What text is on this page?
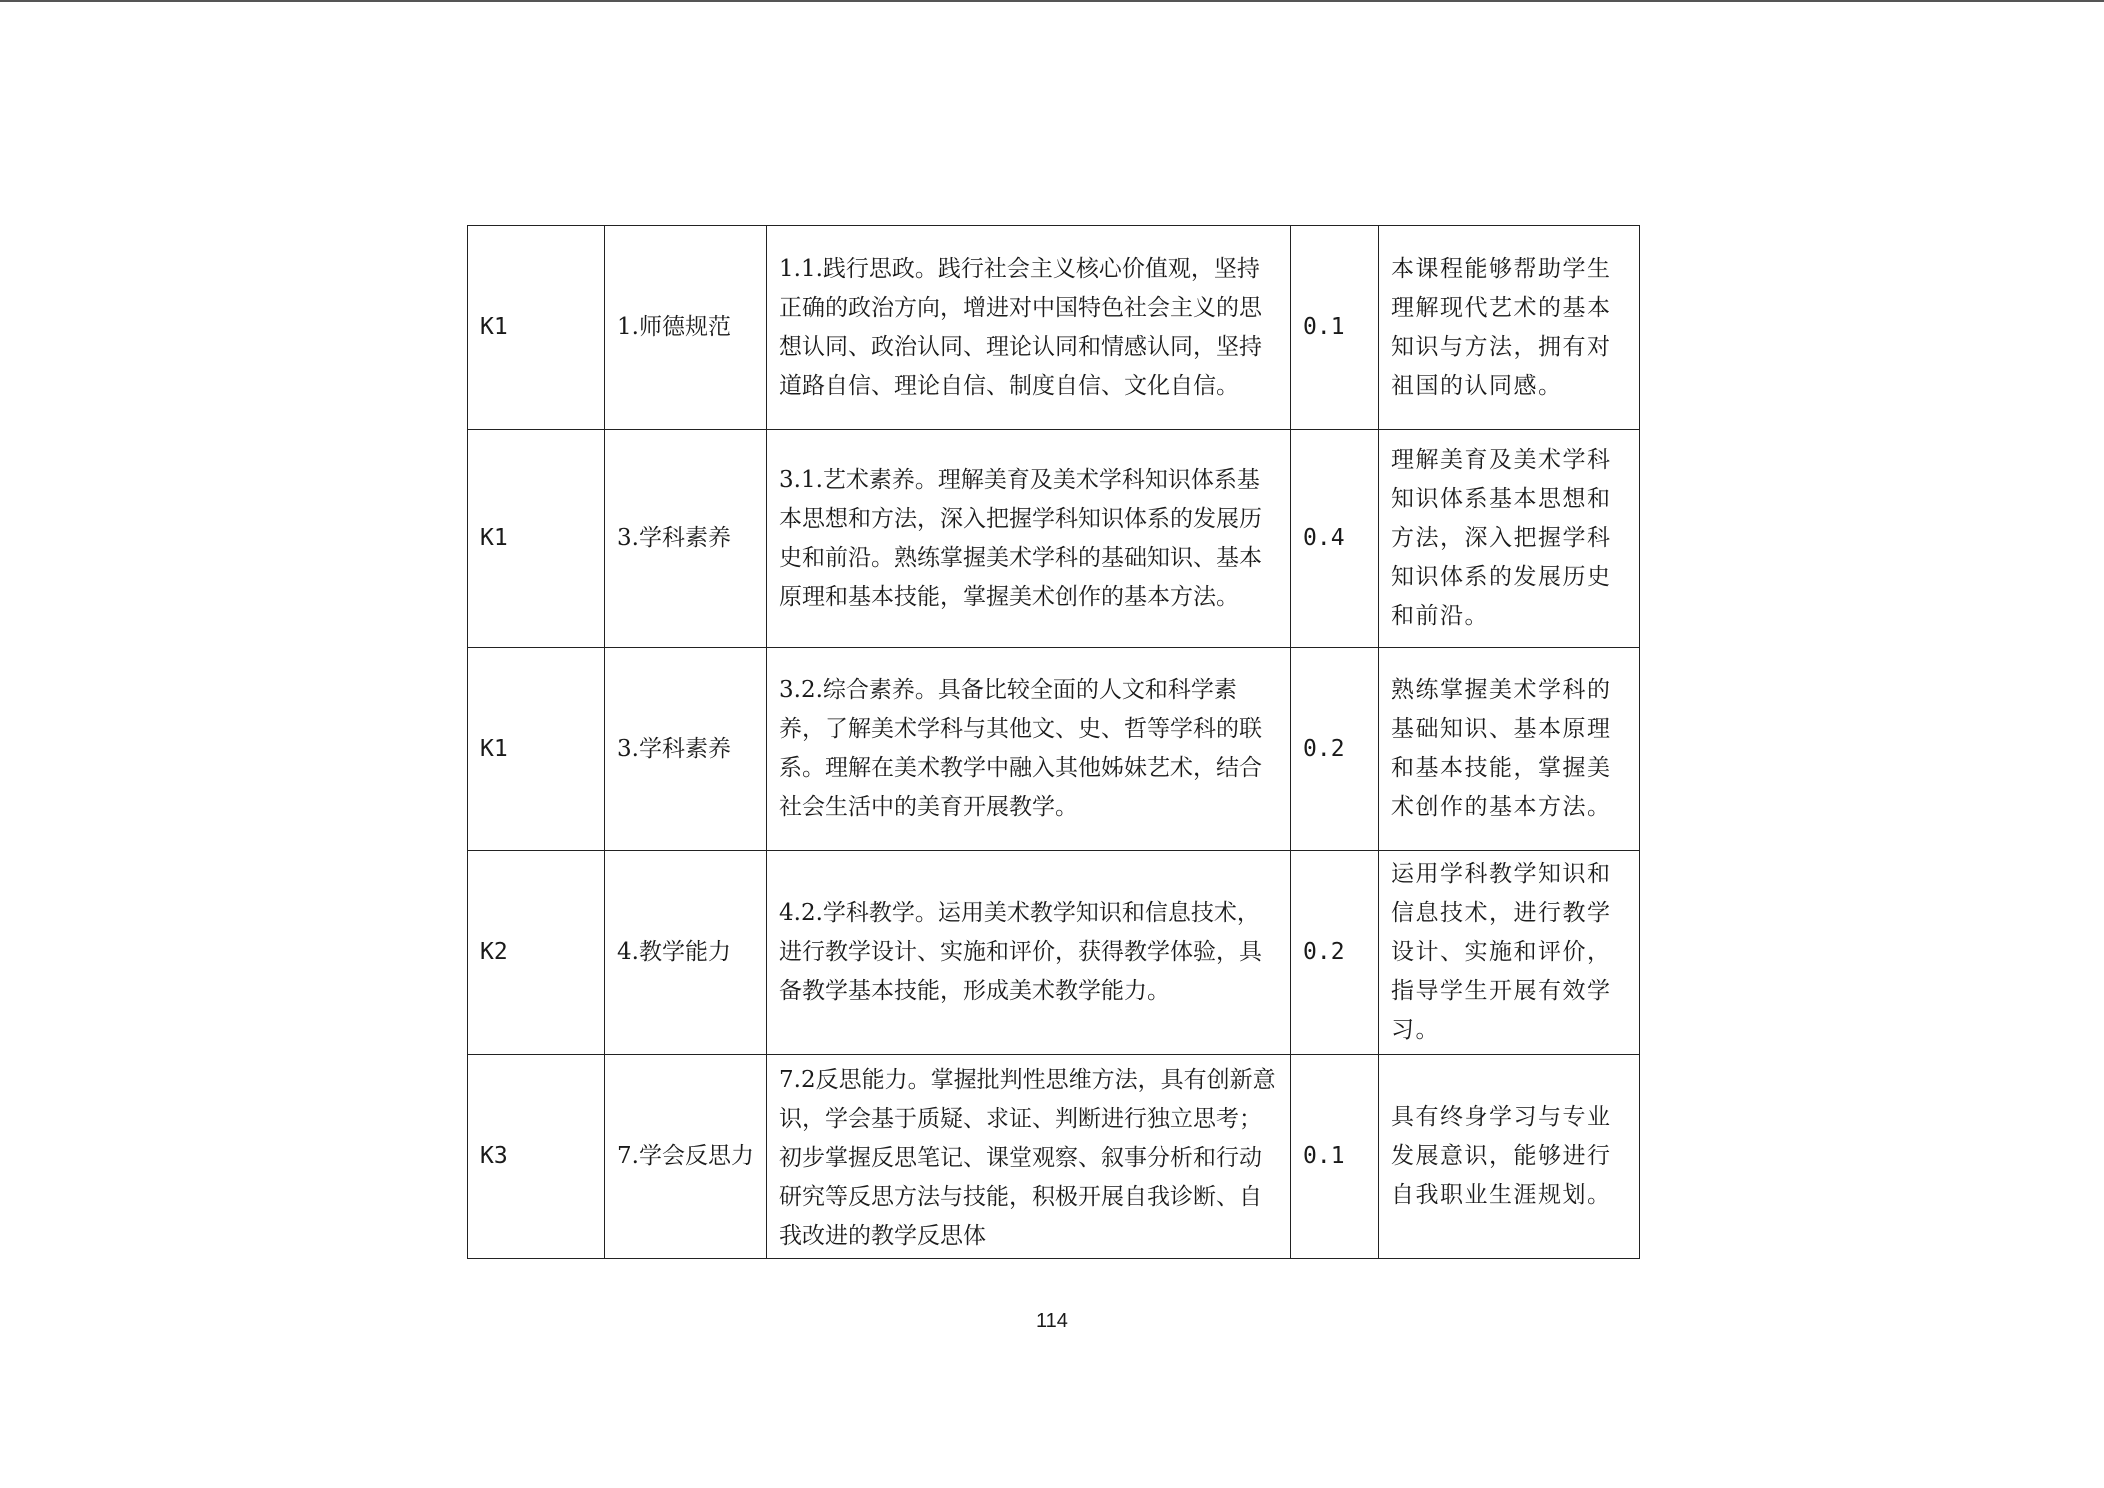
K1	1.师德规范	1.1.践行思政。践行社会主义核心价值观，坚持正确的政治方向，增进对中国特色社会主义的思想认同、政治认同、理论认同和情感认同，坚持道路自信、理论自信、制度自信、文化自信。	0.1	本课程能够帮助学生理解现代艺术的基本知识与方法，拥有对祖国的认同感。
K1	3.学科素养	3.1.艺术素养。理解美育及美术学科知识体系基本思想和方法，深入把握学科知识体系的发展历史和前沿。熟练掌握美术学科的基础知识、基本原理和基本技能，掌握美术创作的基本方法。	0.4	理解美育及美术学科知识体系基本思想和方法，深入把握学科知识体系的发展历史和前沿。
K1	3.学科素养	3.2.综合素养。具备比较全面的人文和科学素养，了解美术学科与其他文、史、哲等学科的联系。理解在美术教学中融入其他姊妹艺术，结合社会生活中的美育开展教学。	0.2	熟练掌握美术学科的基础知识、基本原理和基本技能，掌握美术创作的基本方法。
K2	4.教学能力	4.2.学科教学。运用美术教学知识和信息技术，进行教学设计、实施和评价，获得教学体验，具备教学基本技能，形成美术教学能力。	0.2	运用学科教学知识和信息技术，进行教学设计、实施和评价，指导学生开展有效学习。
K3	7.学会反思力	7.2反思能力。掌握批判性思维方法，具有创新意识，学会基于质疑、求证、判断进行独立思考；初步掌握反思笔记、课堂观察、叙事分析和行动研究等反思方法与技能，积极开展自我诊断、自我改进的教学反思体	0.1	具有终身学习与专业发展意识，能够进行自我职业生涯规划。
114
